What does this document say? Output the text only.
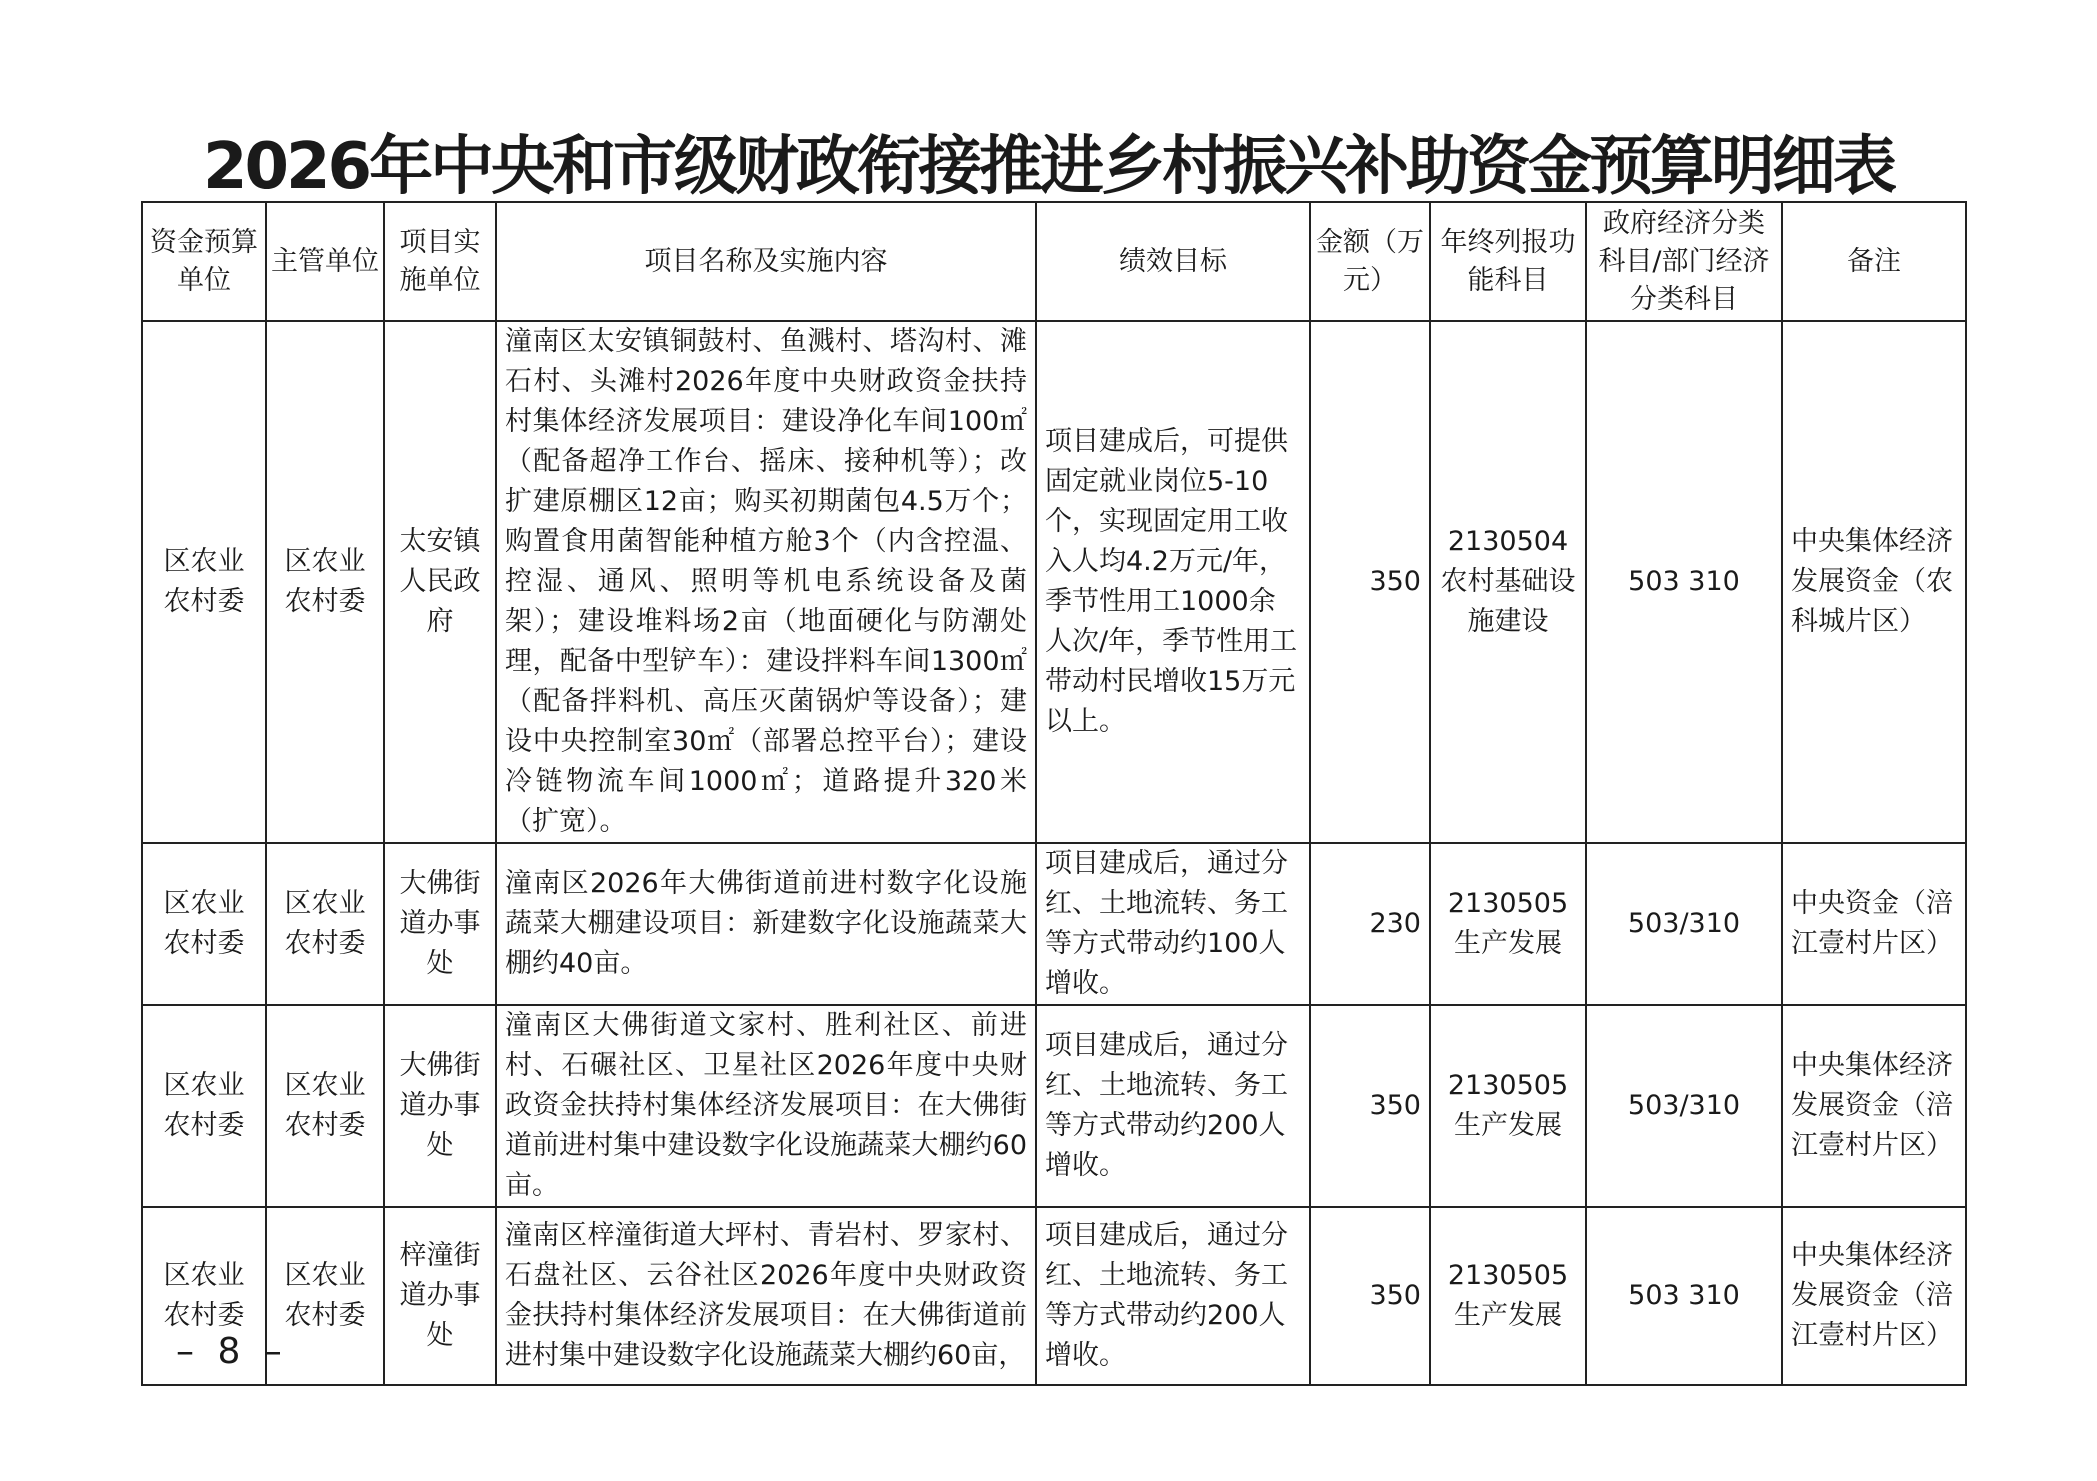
2026年中央和市级财政衔接推进乡村振兴补助资金预算明细表
资金预算单位	主管单位	项目实施单位	项目名称及实施内容	绩效目标	金额（万元）	年终列报功能科目	政府经济分类科目/部门经济分类科目	备注
区农业农村委	区农业农村委	太安镇人民政府	潼南区太安镇铜鼓村、鱼溅村、塔沟村、滩石村、头滩村2026年度中央财政资金扶持村集体经济发展项目：建设净化车间100㎡（配备超净工作台、摇床、接种机等）；改扩建原棚区12亩；购买初期菌包4.5万个；购置食用菌智能种植方舱3个（内含控温、控湿、通风、照明等机电系统设备及菌架）；建设堆料场2亩（地面硬化与防潮处理，配备中型铲车）：建设拌料车间1300㎡（配备拌料机、高压灭菌锅炉等设备）；建设中央控制室30㎡（部署总控平台）；建设冷链物流车间1000㎡；道路提升320米（扩宽）。	项目建成后，可提供固定就业岗位5-10个，实现固定用工收入人均4.2万元/年，季节性用工1000余人次/年，季节性用工带动村民增收15万元以上。	350	2130504农村基础设施建设	503 310	中央集体经济发展资金（农科城片区）
区农业农村委	区农业农村委	大佛街道办事处	潼南区2026年大佛街道前进村数字化设施蔬菜大棚建设项目：新建数字化设施蔬菜大棚约40亩。	项目建成后，通过分红、土地流转、务工等方式带动约100人增收。	230	2130505生产发展	503/310	中央资金（涪江壹村片区）
区农业农村委	区农业农村委	大佛街道办事处	潼南区大佛街道文家村、胜利社区、前进村、石碾社区、卫星社区2026年度中央财政资金扶持村集体经济发展项目：在大佛街道前进村集中建设数字化设施蔬菜大棚约60亩。	项目建成后，通过分红、土地流转、务工等方式带动约200人增收。	350	2130505生产发展	503/310	中央集体经济发展资金（涪江壹村片区）
区农业农村委	区农业农村委	梓潼街道办事处	潼南区梓潼街道大坪村、青岩村、罗家村、石盘社区、云谷社区2026年度中央财政资金扶持村集体经济发展项目：在大佛街道前进村集中建设数字化设施蔬菜大棚约60亩，	项目建成后，通过分红、土地流转、务工等方式带动约200人增收。	350	2130505生产发展	503 310	中央集体经济发展资金（涪江壹村片区）
– 8 –
